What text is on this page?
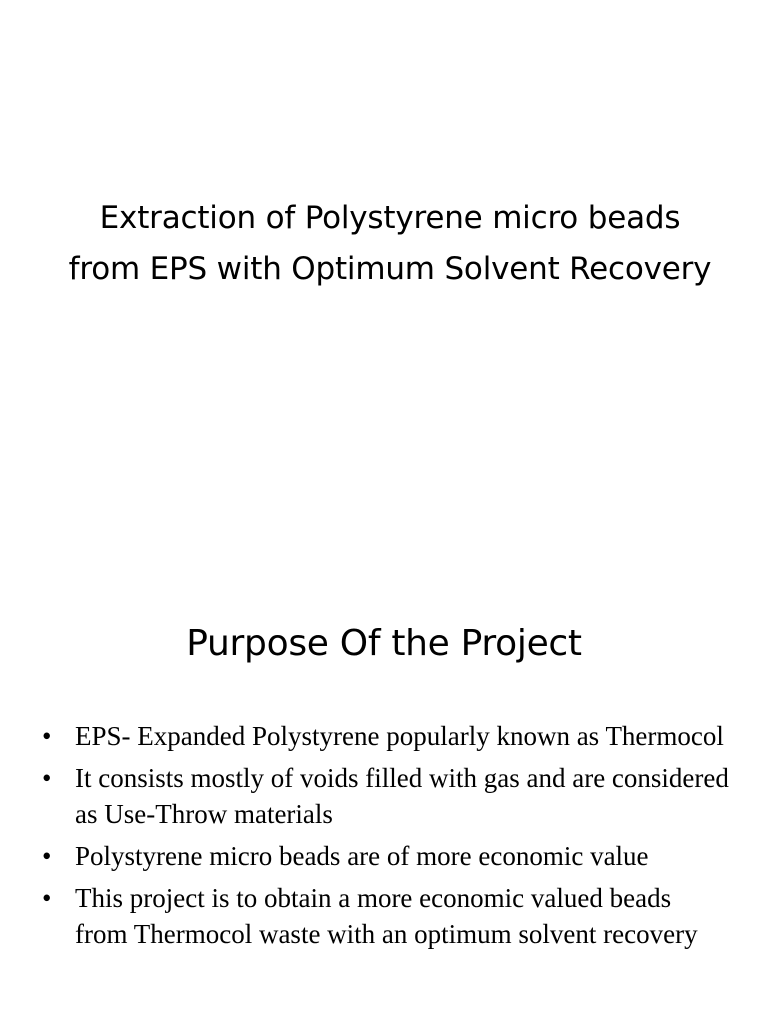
Extraction of Polystyrene micro beads from EPS with Optimum Solvent Recovery
Purpose Of the Project
• EPS- Expanded Polystyrene popularly known as Thermocol
• It consists mostly of voids filled with gas and are considered as Use-Throw materials
• Polystyrene micro beads are of more economic value
• This project is to obtain a more economic valued beads from Thermocol waste with an optimum solvent recovery
